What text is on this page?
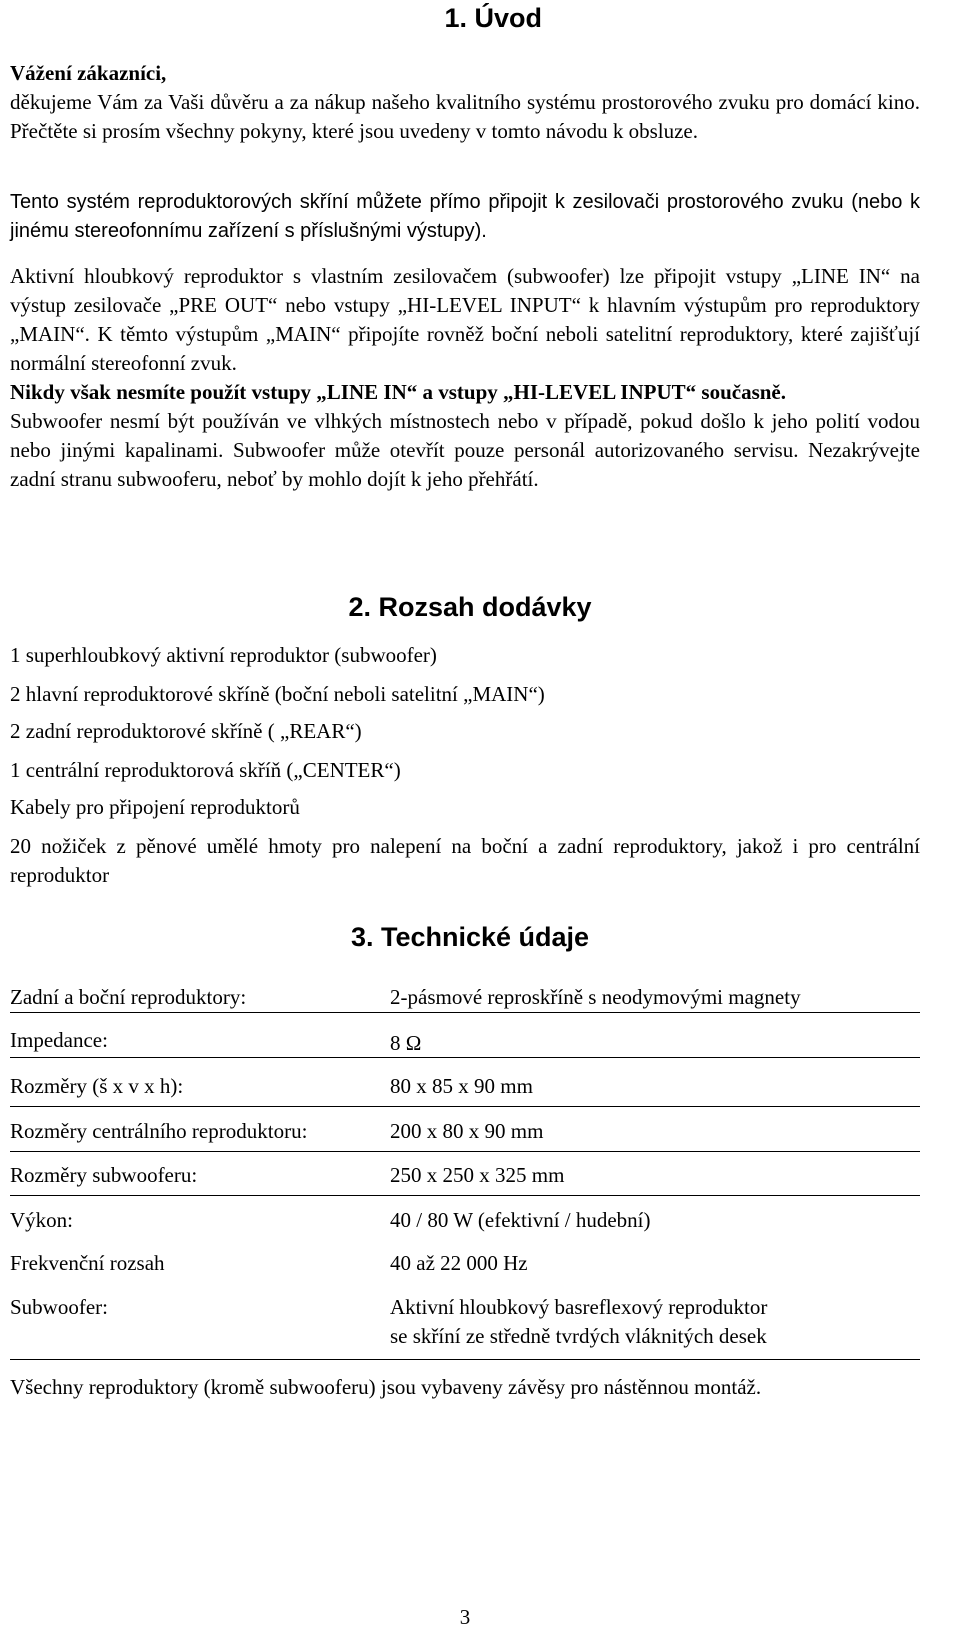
1. Úvod

Vážení zákazníci,

děkujeme Vám za Vaši důvěru a za nákup našeho kvalitního systému prostorového zvuku pro domácí kino. Přečtěte si prosím všechny pokyny, které jsou uvedeny v tomto návodu k obsluze.

Tento systém reproduktorových skříní můžete přímo připojit k zesilovači prostorového zvuku (nebo k jinému stereofonnímu zařízení s příslušnými výstupy).

Aktivní hloubkový reproduktor s vlastním zesilovačem (subwoofer) lze připojit vstupy „LINE IN“ na výstup zesilovače „PRE OUT“ nebo vstupy „HI-LEVEL INPUT“ k hlavním výstupům pro reproduktory „MAIN“. K těmto výstupům „MAIN“ připojíte rovněž boční neboli satelitní reproduktory, které zajišťují normální stereofonní zvuk.

Nikdy však nesmíte použít vstupy „LINE IN“ a vstupy „HI-LEVEL INPUT“ současně.

Subwoofer nesmí být používán ve vlhkých místnostech nebo v případě, pokud došlo k jeho polití vodou nebo jinými kapalinami. Subwoofer může otevřít pouze personál autorizovaného servisu. Nezakrývejte zadní stranu subwooferu, neboť by mohlo dojít k jeho přehřátí.

2. Rozsah dodávky
1 superhloubkový aktivní reproduktor (subwoofer)
2 hlavní reproduktorové skříně (boční neboli satelitní „MAIN“)
2 zadní reproduktorové skříně ( „REAR“)
1 centrální reproduktorová skříň („CENTER“)
Kabely pro připojení reproduktorů
20 nožiček z pěnové umělé hmoty pro nalepení na boční a zadní reproduktory, jakož i pro centrální reproduktor
3. Technické údaje
Zadní a boční reproduktory:	2-pásmové reproskříně s neodymovými magnety
Impedance:	8 Ω
Rozměry (š x v x h):	80 x 85 x 90 mm
Rozměry centrálního reproduktoru:	200 x 80 x 90 mm
Rozměry subwooferu:	250 x 250 x 325 mm
Výkon:	40 / 80 W (efektivní / hudební)
Frekvenční rozsah	40 až 22 000 Hz
Subwoofer:	Aktivní hloubkový basreflexový reproduktor
se skříní ze středně tvrdých vláknitých desek
Všechny reproduktory (kromě subwooferu) jsou vybaveny závěsy pro nástěnnou montáž.
3
